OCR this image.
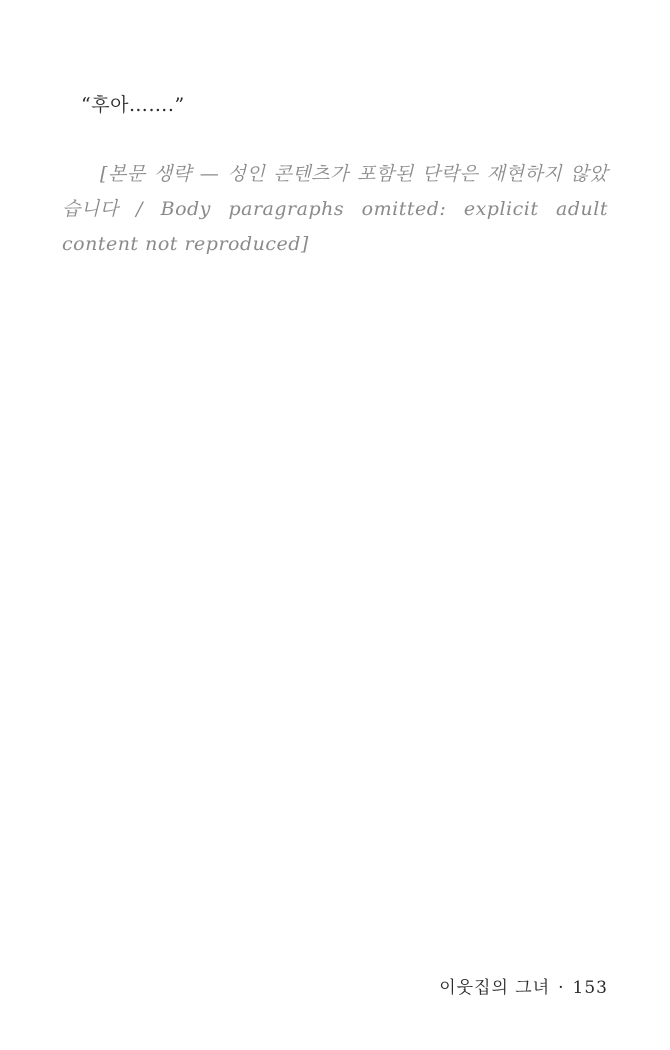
“후아…….”

[본문 생략 — 성인 콘텐츠가 포함된 단락은 재현하지 않았습니다 / Body paragraphs omitted: explicit adult content not reproduced]

이웃집의 그녀 · 153
